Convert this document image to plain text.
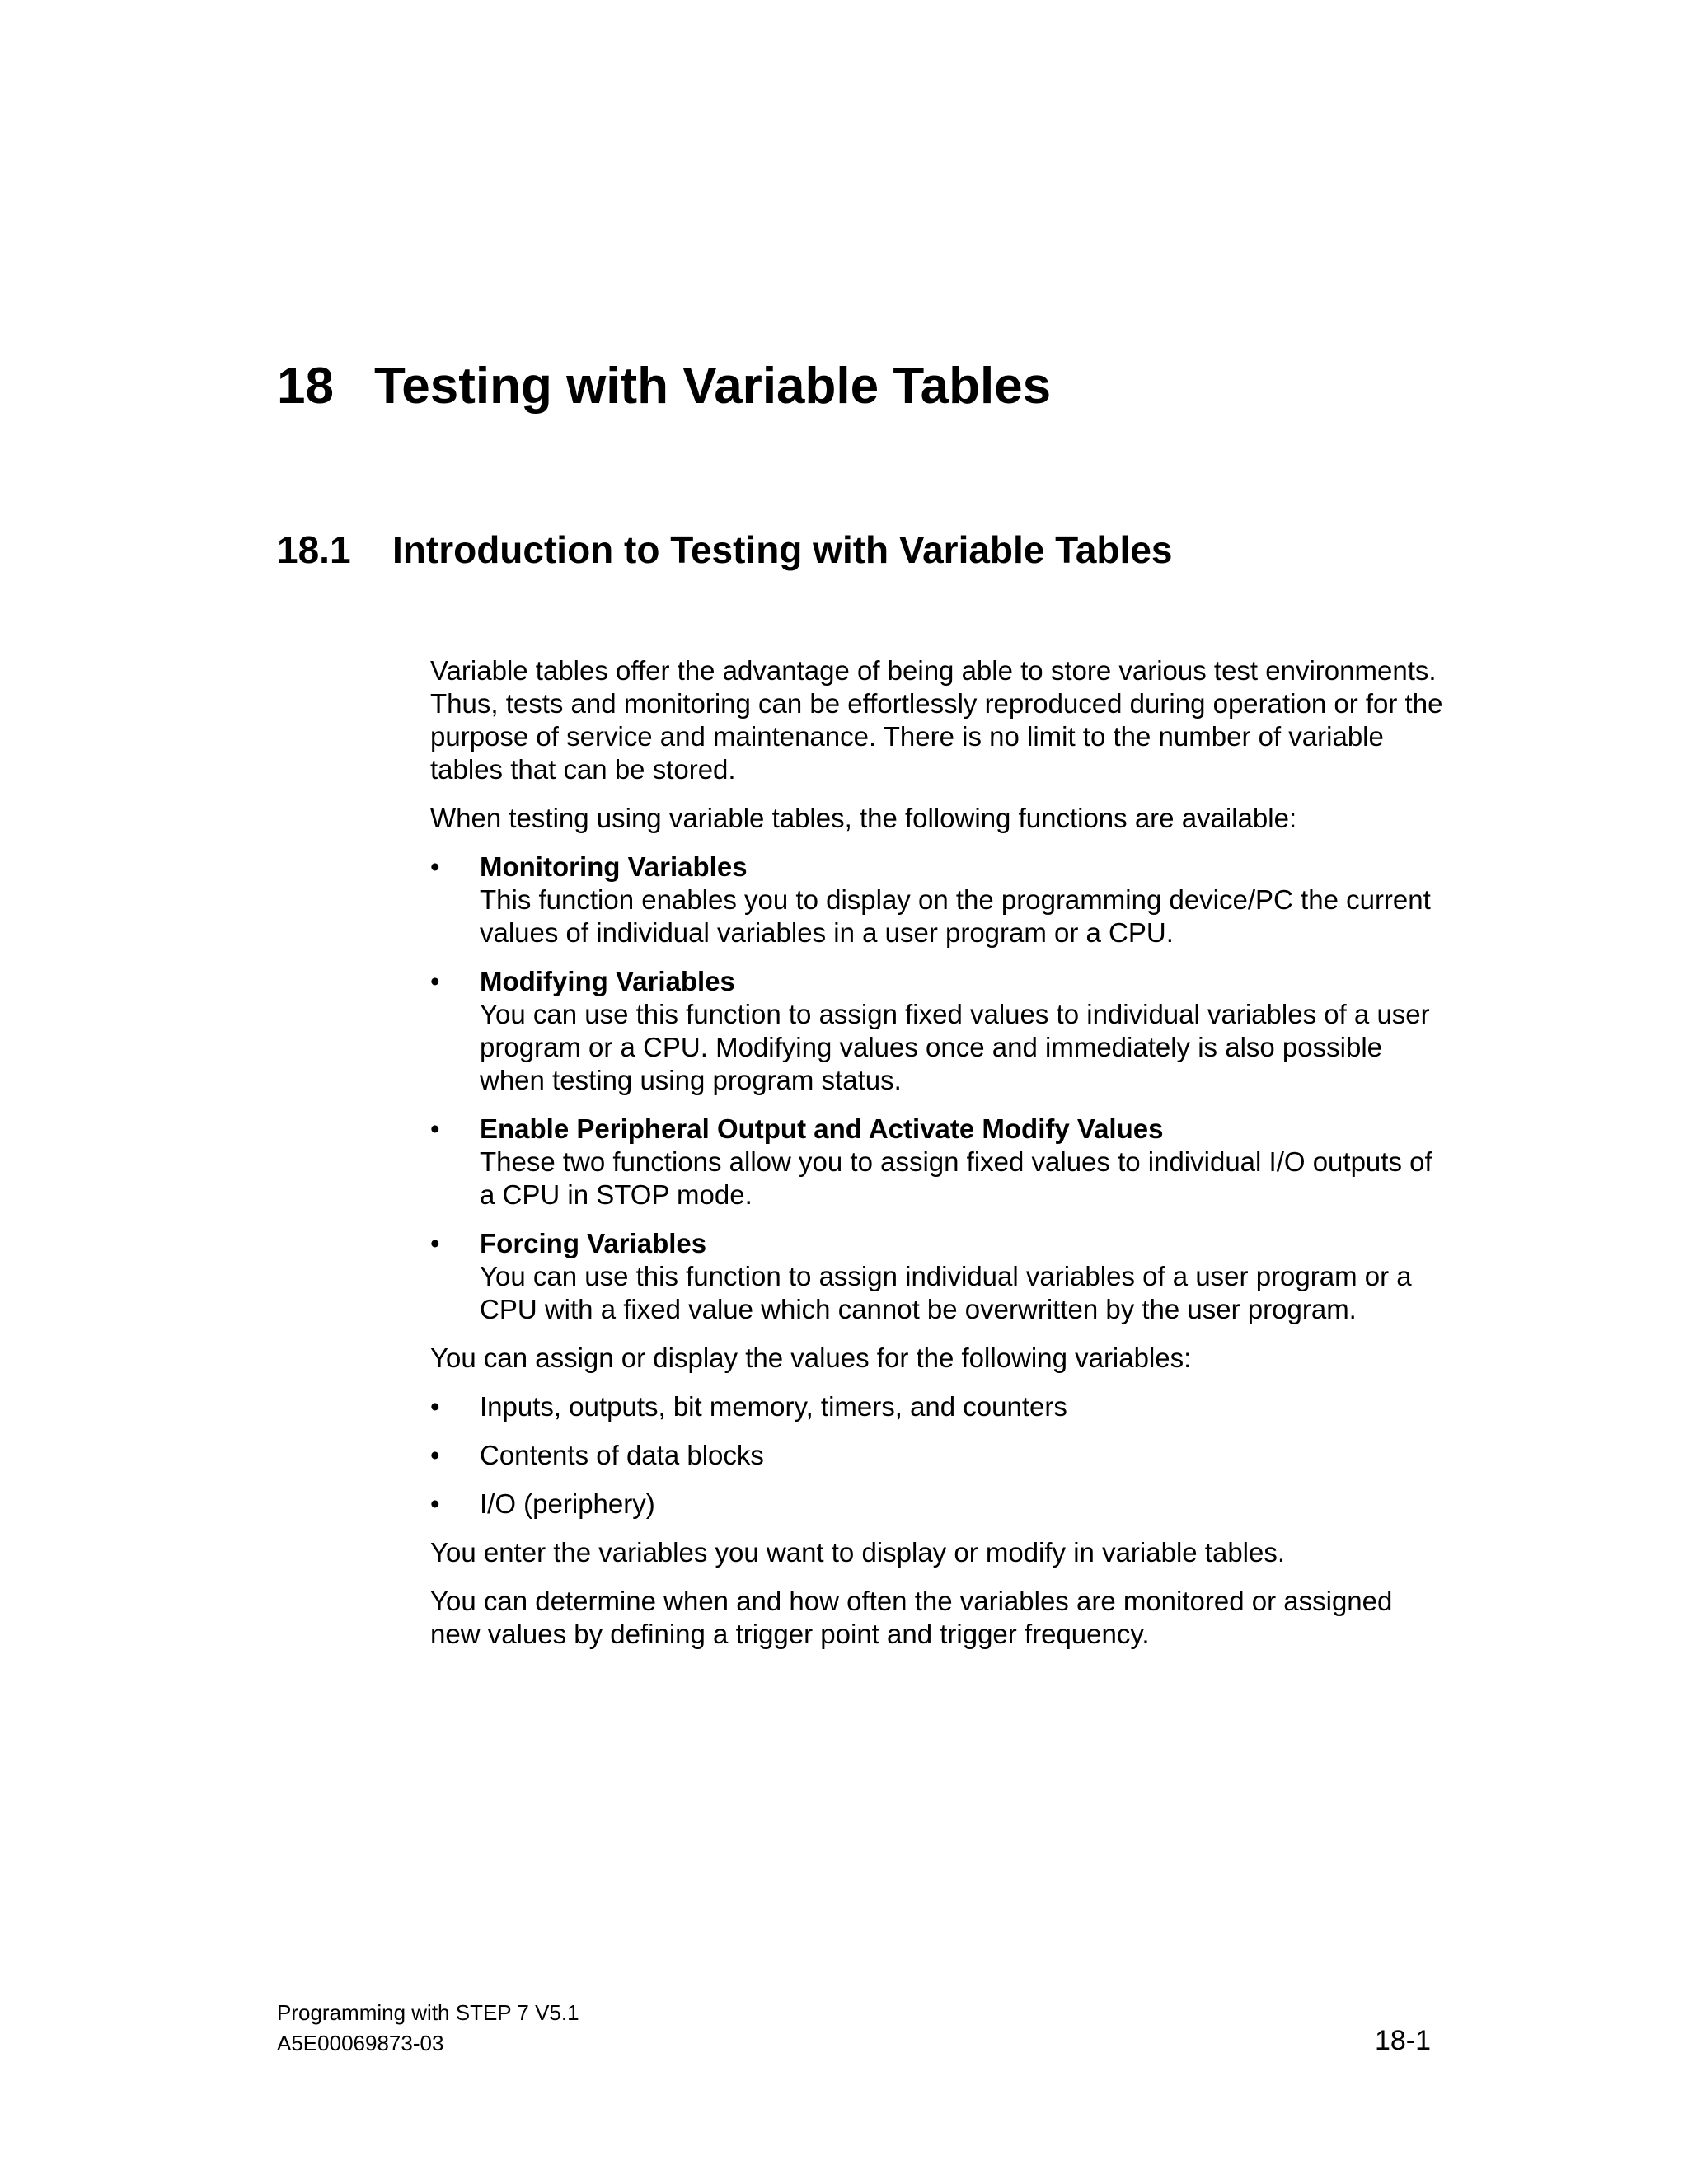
18 Testing with Variable Tables
18.1 Introduction to Testing with Variable Tables

Variable tables offer the advantage of being able to store various test environments. Thus, tests and monitoring can be effortlessly reproduced during operation or for the purpose of service and maintenance. There is no limit to the number of variable tables that can be stored.

When testing using variable tables, the following functions are available:

•	Monitoring Variables
This function enables you to display on the programming device/PC the current values of individual variables in a user program or a CPU.
•	Modifying Variables
You can use this function to assign fixed values to individual variables of a user program or a CPU. Modifying values once and immediately is also possible when testing using program status.
•	Enable Peripheral Output and Activate Modify Values
These two functions allow you to assign fixed values to individual I/O outputs of a CPU in STOP mode.
•	Forcing Variables
You can use this function to assign individual variables of a user program or a CPU with a fixed value which cannot be overwritten by the user program.

You can assign or display the values for the following variables:

•	Inputs, outputs, bit memory, timers, and counters
•	Contents of data blocks
•	I/O (periphery)

You enter the variables you want to display or modify in variable tables.

You can determine when and how often the variables are monitored or assigned new values by defining a trigger point and trigger frequency.

Programming with STEP 7 V5.1
A5E00069873-03	18-1
